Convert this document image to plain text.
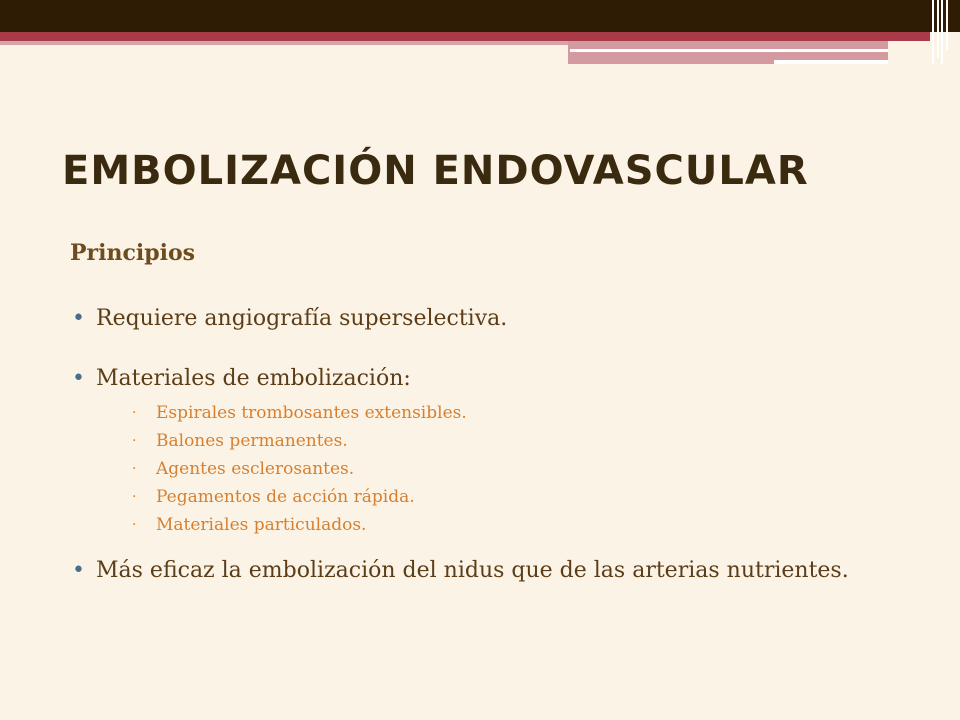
EMBOLIZACIÓN ENDOVASCULAR
Principios
• Requiere angiografía superselectiva.
• Materiales de embolización:
· Espirales trombosantes extensibles.
· Balones permanentes.
· Agentes esclerosantes.
· Pegamentos de acción rápida.
· Materiales particulados.
• Más eficaz la embolización del nidus que de las arterias nutrientes.
